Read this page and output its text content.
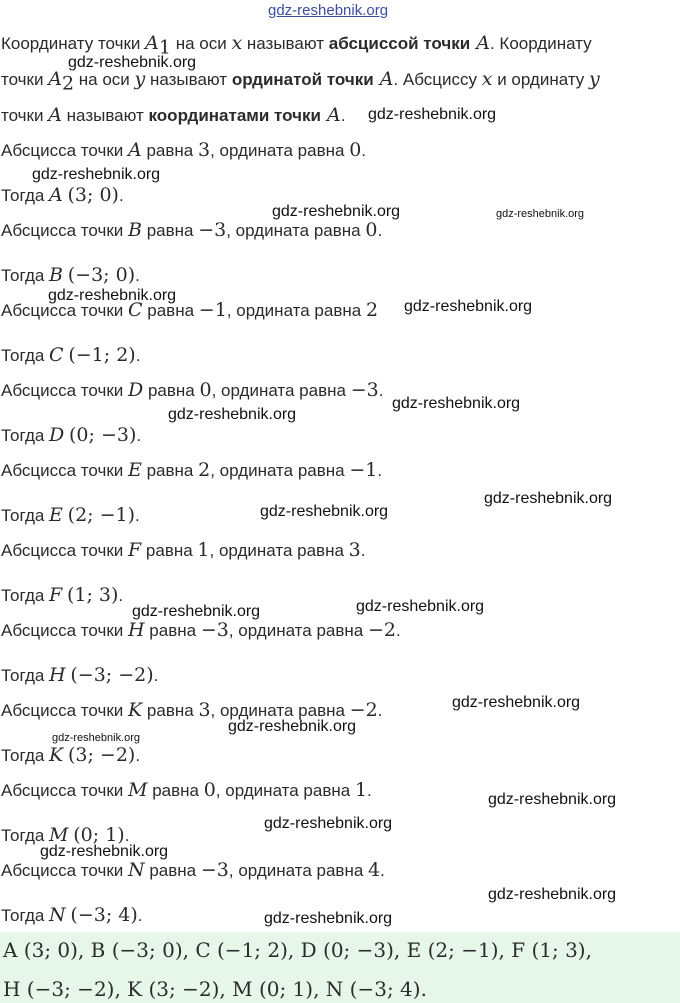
gdz-reshebnik.org
Координату точки $A_1$ на оси x называют абсциссой точки A. Координату
точки $A_2$ на оси y называют ординатой точки A. Абсциссу x и ординату y
точки A называют координатами точки A.
Абсцисса точки A равна 3, ордината равна 0.
Тогда A (3; 0).
Абсцисса точки B равна −3, ордината равна 0.
Тогда B (−3; 0).
Абсцисса точки C равна −1, ордината равна 2
Тогда C (−1; 2).
Абсцисса точки D равна 0, ордината равна −3.
Тогда D (0; −3).
Абсцисса точки E равна 2, ордината равна −1.
Тогда E (2; −1).
Абсцисса точки F равна 1, ордината равна 3.
Тогда F (1; 3).
Абсцисса точки H равна −3, ордината равна −2.
Тогда H (−3; −2).
Абсцисса точки K равна 3, ордината равна −2.
Тогда K (3; −2).
Абсцисса точки M равна 0, ордината равна 1.
Тогда M (0; 1).
Абсцисса точки N равна −3, ордината равна 4.
Тогда N (−3; 4).
A (3; 0), B (−3; 0), C (−1; 2), D (0; −3), E (2; −1), F (1; 3),
H (−3; −2), K (3; −2), M (0; 1), N (−3; 4).
gdz-reshebnik.org
gdz-reshebnik.org
gdz-reshebnik.org
gdz-reshebnik.org	gdz-reshebnik.org
gdz-reshebnik.org
gdz-reshebnik.org
gdz-reshebnik.org
gdz-reshebnik.org
gdz-reshebnik.org
gdz-reshebnik.org
gdz-reshebnik.org
gdz-reshebnik.org
gdz-reshebnik.org
gdz-reshebnik.org
gdz-reshebnik.org
gdz-reshebnik.org
gdz-reshebnik.org
gdz-reshebnik.org
gdz-reshebnik.org
gdz-reshebnik.org
